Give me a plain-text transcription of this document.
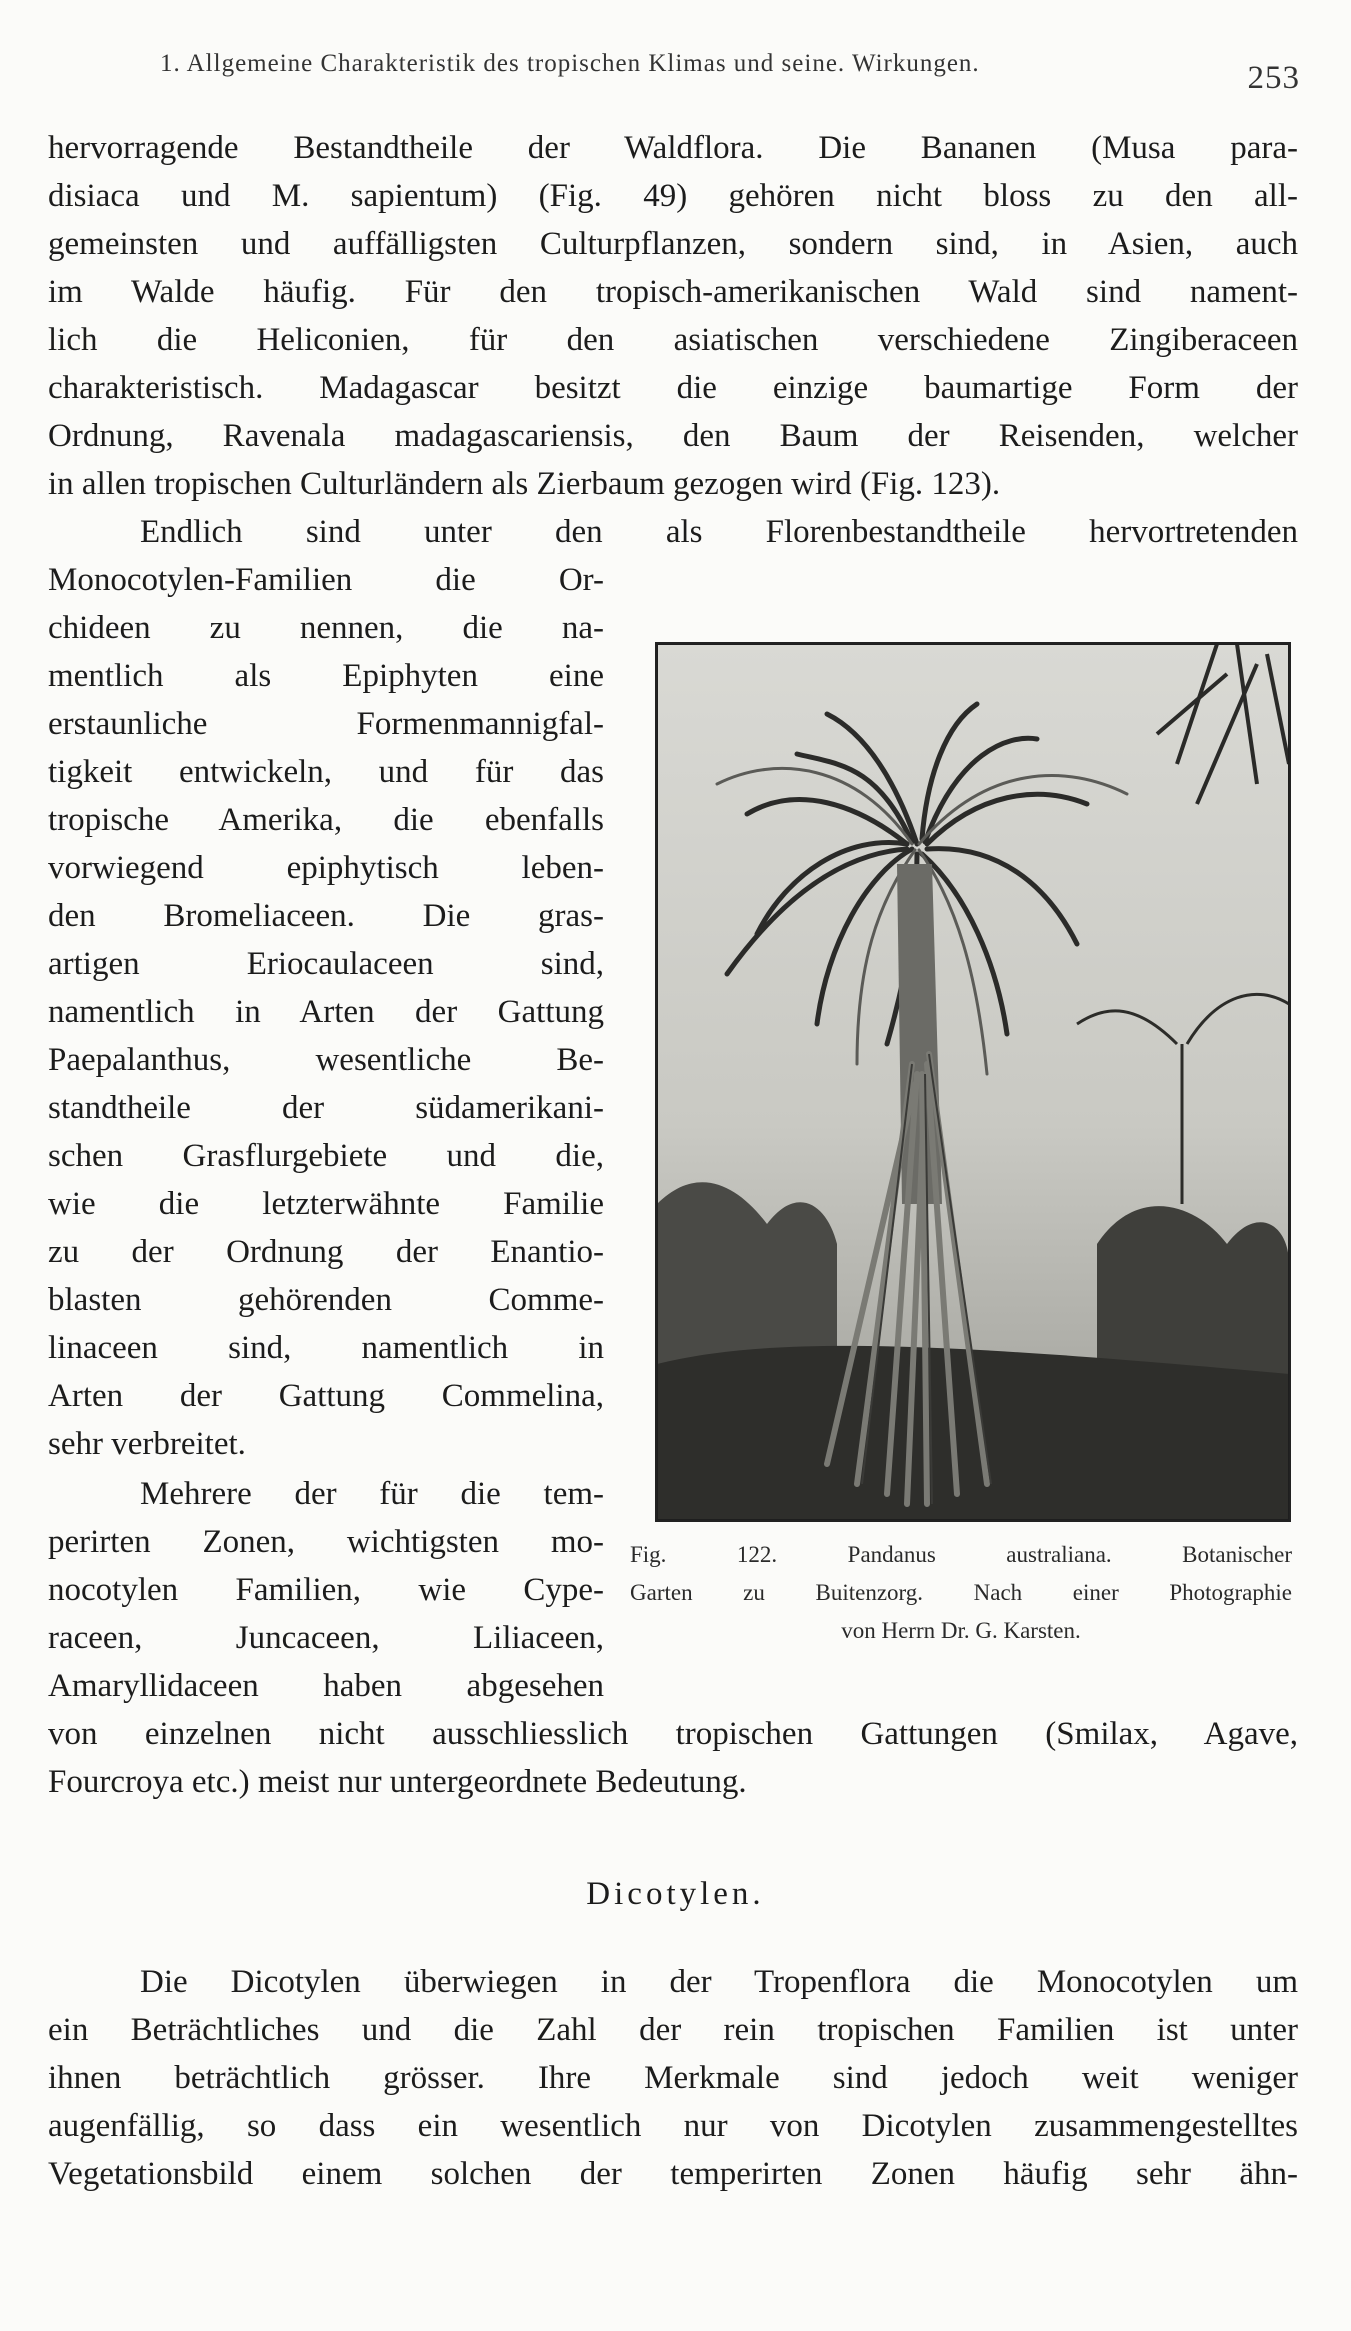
1. Allgemeine Charakteristik des tropischen Klimas und seine. Wirkungen.	253
hervorragende Bestandtheile der Waldflora. Die Bananen (Musa para-
disiaca und M. sapientum) (Fig. 49) gehören nicht bloss zu den all-
gemeinsten und auffälligsten Culturpflanzen, sondern sind, in Asien, auch
im Walde häufig. Für den tropisch-amerikanischen Wald sind nament-
lich die Heliconien, für den asiatischen verschiedene Zingiberaceen
charakteristisch. Madagascar besitzt die einzige baumartige Form der
Ordnung, Ravenala madagascariensis, den Baum der Reisenden, welcher
in allen tropischen Culturländern als Zierbaum gezogen wird (Fig. 123).
Endlich sind unter den als Florenbestandtheile hervortretenden
Monocotylen-Familien die Or-
chideen zu nennen, die na-
mentlich als Epiphyten eine
erstaunliche Formenmannigfal-
tigkeit entwickeln, und für das
tropische Amerika, die ebenfalls
vorwiegend epiphytisch leben-
den Bromeliaceen. Die gras-
artigen Eriocaulaceen sind,
namentlich in Arten der Gattung
Paepalanthus, wesentliche Be-
standtheile der südamerikani-
schen Grasflurgebiete und die,
wie die letzterwähnte Familie
zu der Ordnung der Enantio-
blasten gehörenden Comme-
linaceen sind, namentlich in
Arten der Gattung Commelina,
sehr verbreitet.
Mehrere der für die tem-
perirten Zonen, wichtigsten mo-
nocotylen Familien, wie Cype-
raceen, Juncaceen, Liliaceen,
Amaryllidaceen haben abgesehen
von einzelnen nicht ausschliesslich tropischen Gattungen (Smilax, Agave,
Fourcroya etc.) meist nur untergeordnete Bedeutung.
Fig. 122. Pandanus australiana. Botanischer
Garten zu Buitenzorg. Nach einer Photographie
von Herrn Dr. G. Karsten.
Dicotylen.
Die Dicotylen überwiegen in der Tropenflora die Monocotylen um
ein Beträchtliches und die Zahl der rein tropischen Familien ist unter
ihnen beträchtlich grösser. Ihre Merkmale sind jedoch weit weniger
augenfällig, so dass ein wesentlich nur von Dicotylen zusammengestelltes
Vegetationsbild einem solchen der temperirten Zonen häufig sehr ähn-
